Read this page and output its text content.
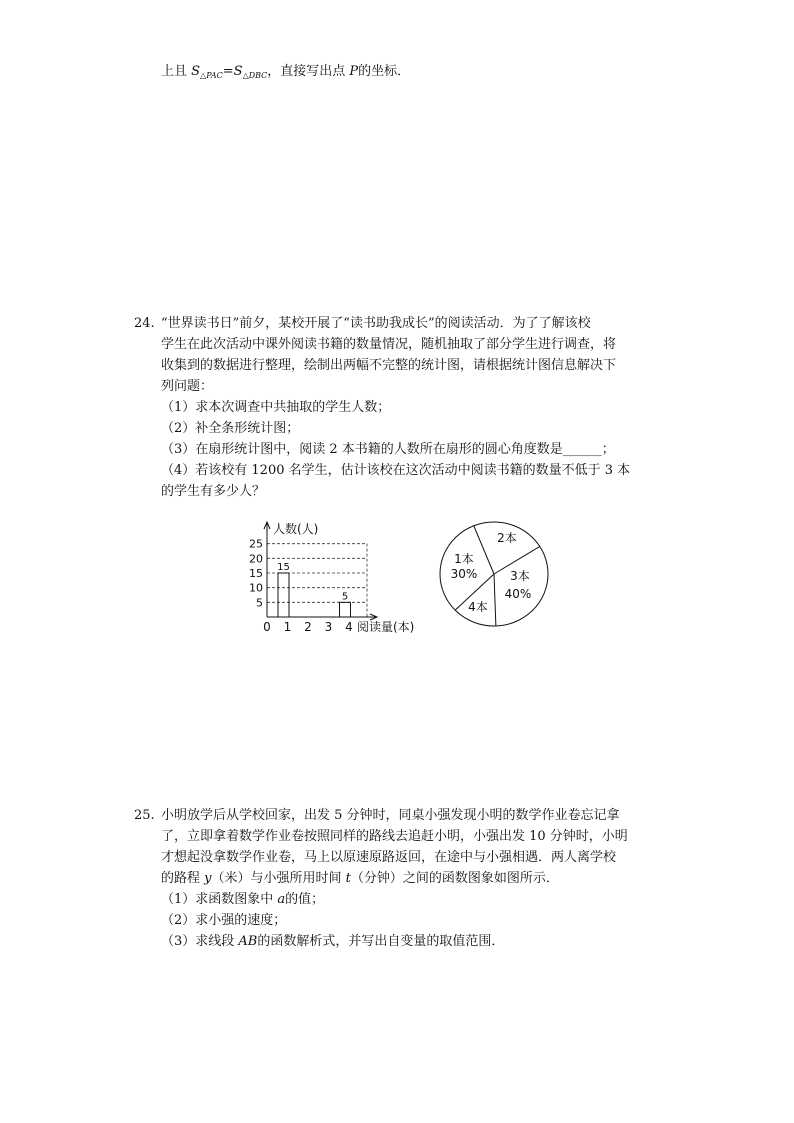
上且 $S_{\triangle PAC}=S_{\triangle DBC}$，直接写出点 P的坐标．
24. “世界读书日”前夕，某校开展了“读书助我成长”的阅读活动．为了了解该校
学生在此次活动中课外阅读书籍的数量情况，随机抽取了部分学生进行调查，将
收集到的数据进行整理，绘制出两幅不完整的统计图，请根据统计图信息解决下
列问题：
（1）求本次调查中共抽取的学生人数；
（2）补全条形统计图；
（3）在扇形统计图中，阅读 2 本书籍的人数所在扇形的圆心角度数是______；
（4）若该校有 1200 名学生，估计该校在这次活动中阅读书籍的数量不低于 3 本
的学生有多少人？
5
10
15
20
25
人数(人)
阅读量(本)
0 1 2 3 4
15
5
1本
30%
2本
3本
40%
4本
25. 小明放学后从学校回家，出发 5 分钟时，同桌小强发现小明的数学作业卷忘记拿
了，立即拿着数学作业卷按照同样的路线去追赶小明，小强出发 10 分钟时，小明
才想起没拿数学作业卷，马上以原速原路返回，在途中与小强相遇．两人离学校
的路程 y（米）与小强所用时间 t（分钟）之间的函数图象如图所示．
（1）求函数图象中 a的值；
（2）求小强的速度；
（3）求线段 AB的函数解析式，并写出自变量的取值范围．
